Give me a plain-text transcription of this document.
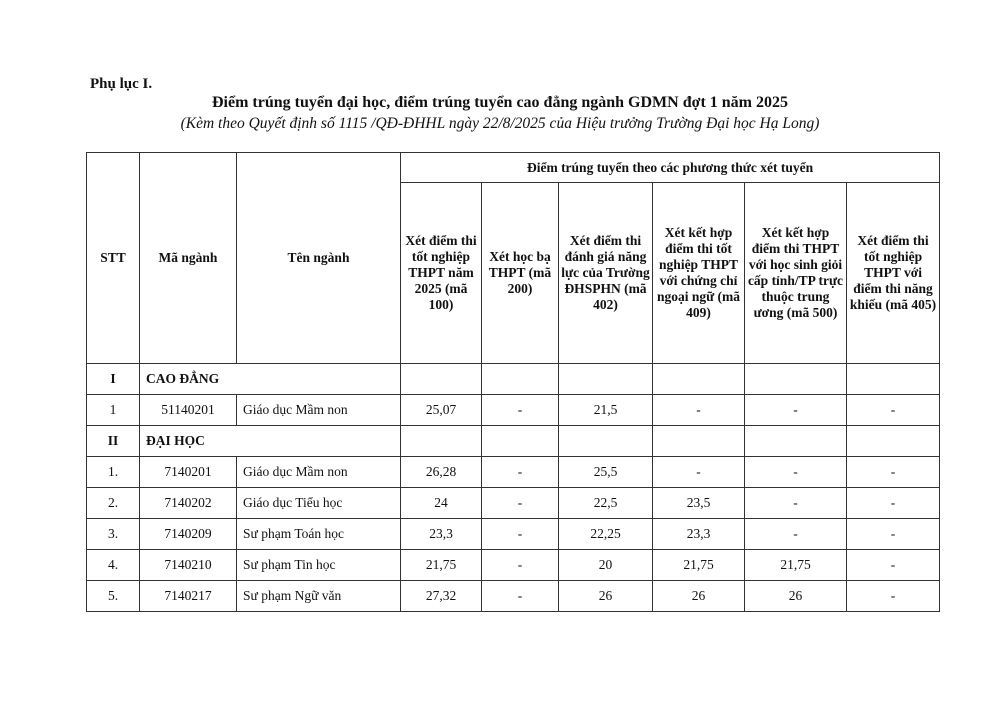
Phụ lục I.
Điểm trúng tuyển đại học, điểm trúng tuyển cao đẳng ngành GDMN đợt 1 năm 2025
(Kèm theo Quyết định số 1115 /QĐ-ĐHHL ngày 22/8/2025 của Hiệu trưởng Trường Đại học Hạ Long)
STT	Mã ngành	Tên ngành	Điểm trúng tuyển theo các phương thức xét tuyển					
			Xét điểm thi tốt nghiệp THPT năm 2025 (mã 100)	Xét học bạ THPT (mã 200)	Xét điểm thi đánh giá năng lực của Trường ĐHSPHN (mã 402)	Xét kết hợp điểm thi tốt nghiệp THPT với chứng chỉ ngoại ngữ (mã 409)	Xét kết hợp điểm thi THPT với học sinh giỏi cấp tỉnh/TP trực thuộc trung ương (mã 500)	Xét điểm thi tốt nghiệp THPT với điểm thi năng khiếu (mã 405)
I	CAO ĐẲNG							
1	51140201	Giáo dục Mầm non	25,07	-	21,5	-	-	-
II	ĐẠI HỌC							
1.	7140201	Giáo dục Mầm non	26,28	-	25,5	-	-	-
2.	7140202	Giáo dục Tiểu học	24	-	22,5	23,5	-	-
3.	7140209	Sư phạm Toán học	23,3	-	22,25	23,3	-	-
4.	7140210	Sư phạm Tin học	21,75	-	20	21,75	21,75	-
5.	7140217	Sư phạm Ngữ văn	27,32	-	26	26	26	-
